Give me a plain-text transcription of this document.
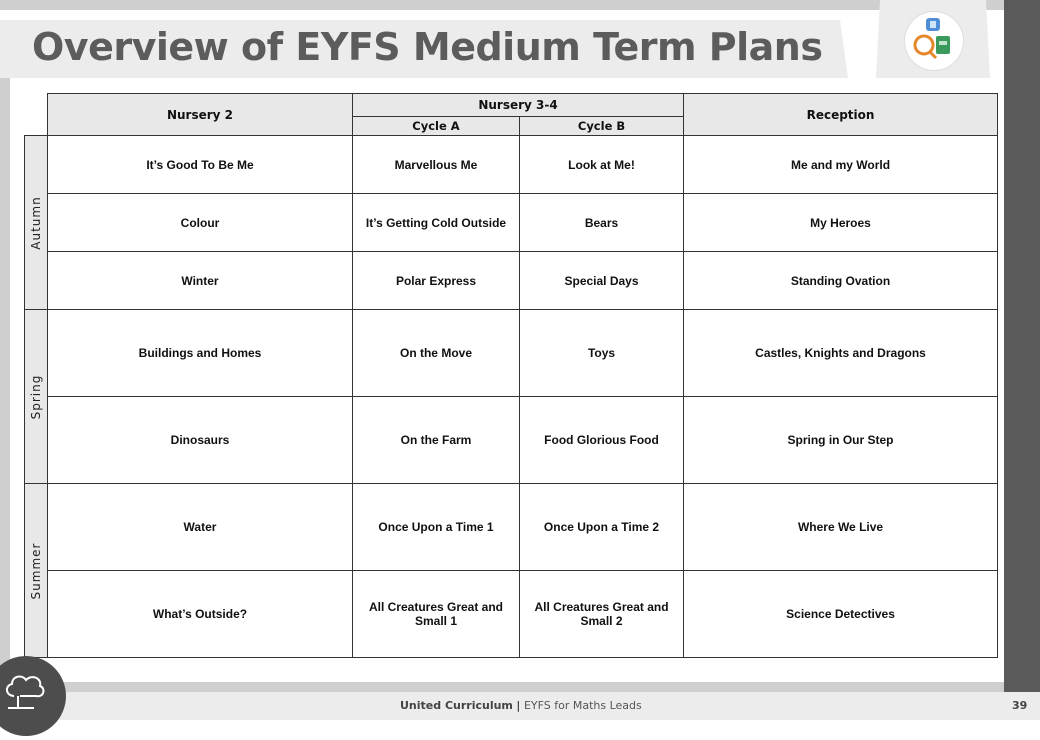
Overview of EYFS Medium Term Plans
	Nursery 2	Nursery 3-4		Reception
		Cycle A	Cycle B	

Autumn	It’s Good To Be Me	Marvellous Me	Look at Me!	Me and my World
	Colour	It’s Getting Cold Outside	Bears	My Heroes
	Winter	Polar Express	Special Days	Standing Ovation

Spring	Buildings and Homes	On the Move	Toys	Castles, Knights and Dragons
	Dinosaurs	On the Farm	Food Glorious Food	Spring in Our Step

Summer	Water	Once Upon a Time 1	Once Upon a Time 2	Where We Live
	What’s Outside?	All Creatures Great and Small 1	All Creatures Great and Small 2	Science Detectives
United Curriculum | EYFS for Maths Leads	39
